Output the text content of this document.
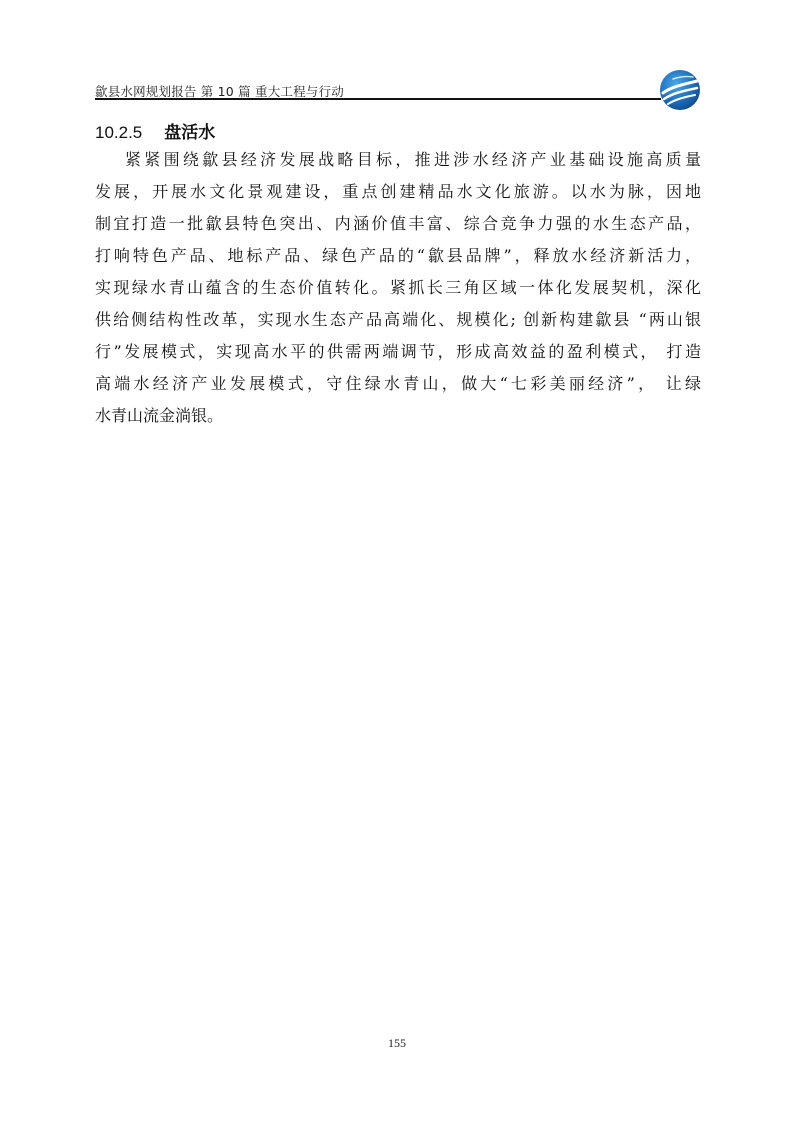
歙县水网规划报告 第 10 篇 重大工程与行动
10.2.5 盘活水
紧紧围绕歙县经济发展战略目标，推进涉水经济产业基础设施高质量
发展，开展水文化景观建设，重点创建精品水文化旅游。以水为脉，因地
制宜打造一批歙县特色突出、内涵价值丰富、综合竞争力强的水生态产品，
打响特色产品、地标产品、绿色产品的“歙县品牌”，释放水经济新活力，
实现绿水青山蕴含的生态价值转化。紧抓长三角区域一体化发展契机，深化
供给侧结构性改革，实现水生态产品高端化、规模化; 创新构建歙县 “两山银
行”发展模式，实现高水平的供需两端调节，形成高效益的盈利模式， 打造
高端水经济产业发展模式，守住绿水青山，做大“七彩美丽经济”， 让绿
水青山流金淌银。
155
